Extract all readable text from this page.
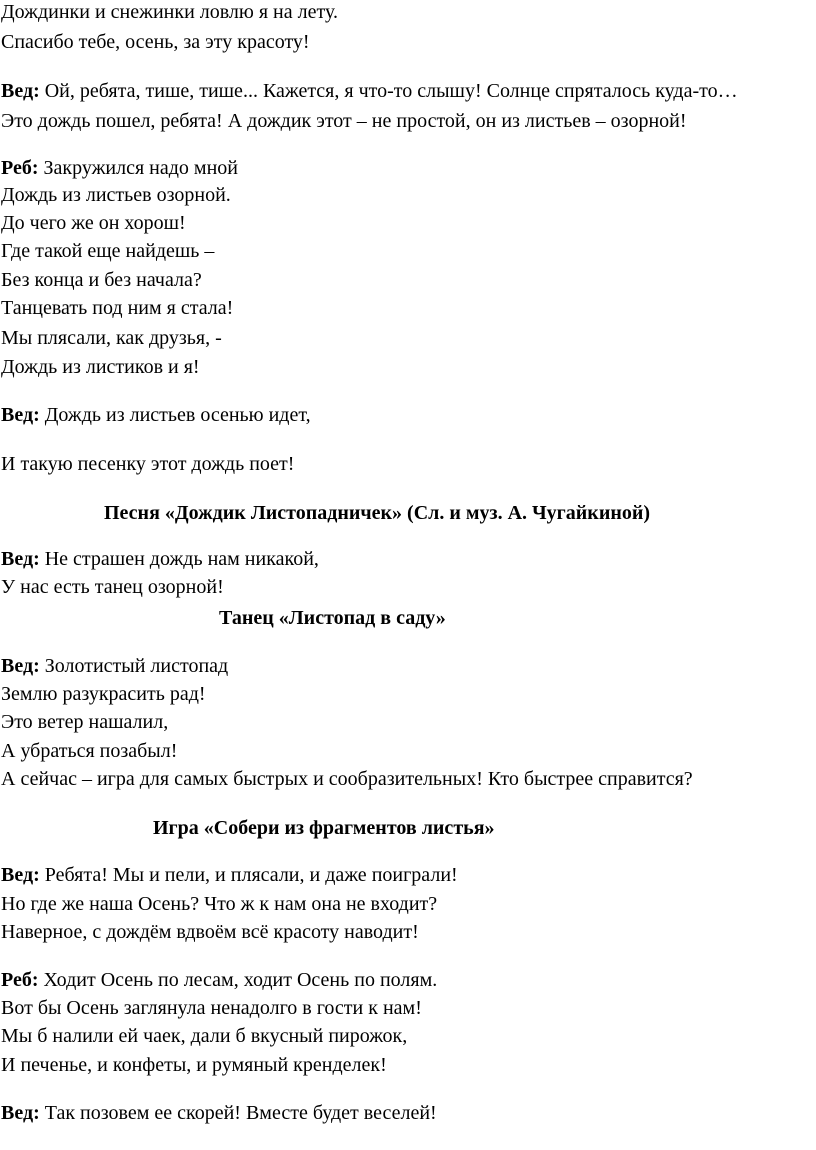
Дождинки и снежинки ловлю я на лету.
Спасибо тебе, осень, за эту красоту!
Вед: Ой, ребята, тише, тише... Кажется, я что-то слышу! Солнце спряталось куда-то…
Это дождь пошел, ребята! А дождик этот – не простой, он из листьев – озорной!
Реб: Закружился надо мной
Дождь из листьев озорной.
До чего же он хорош!
Где такой еще найдешь –
Без конца и без начала?
Танцевать под ним я стала!
Мы плясали, как друзья, -
Дождь из листиков и я!
Вед: Дождь из листьев осенью идет,
И такую песенку этот дождь поет!
Песня «Дождик Листопадничек» (Сл. и муз. А. Чугайкиной)
Вед: Не страшен дождь нам никакой,
У нас есть танец озорной!
Танец «Листопад в саду»
Вед: Золотистый листопад
Землю разукрасить рад!
Это ветер нашалил,
А убраться позабыл!
А сейчас – игра для самых быстрых и сообразительных! Кто быстрее справится?
Игра «Собери из фрагментов листья»
Вед: Ребята! Мы и пели, и плясали, и даже поиграли!
Но где же наша Осень? Что ж к нам она не входит?
Наверное, с дождём вдвоём всё красоту наводит!
Реб: Ходит Осень по лесам, ходит Осень по полям.
Вот бы Осень заглянула ненадолго в гости к нам!
Мы б налили ей чаек, дали б вкусный пирожок,
И печенье, и конфеты, и румяный кренделек!
Вед: Так позовем ее скорей! Вместе будет веселей!
